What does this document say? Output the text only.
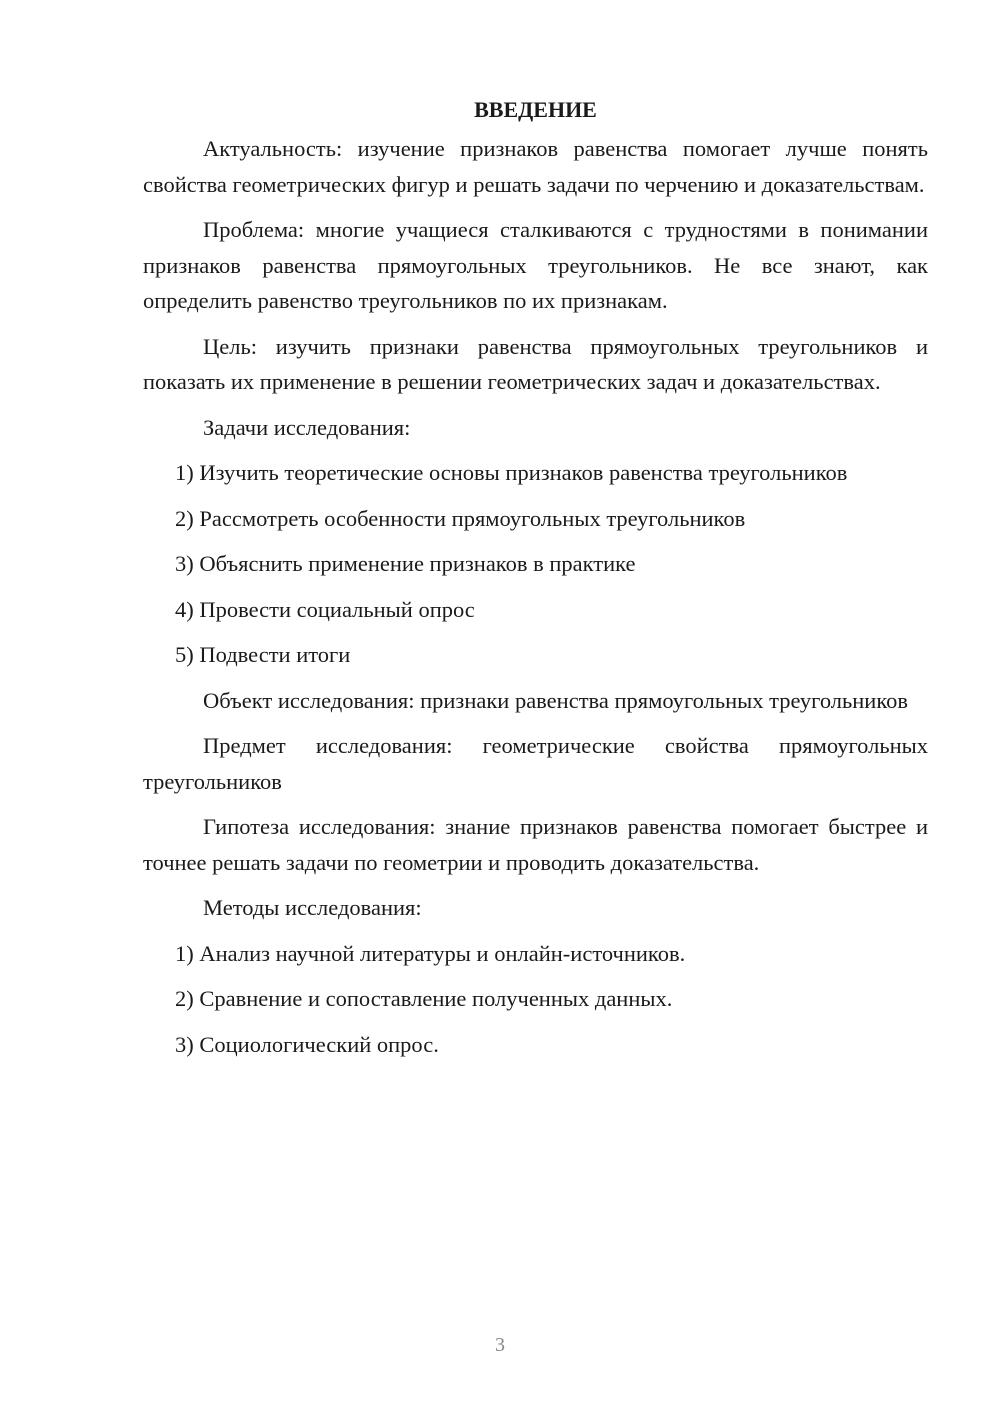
ВВЕДЕНИЕ

Актуальность: изучение признаков равенства помогает лучше понять свойства геометрических фигур и решать задачи по черчению и доказательствам.

Проблема: многие учащиеся сталкиваются с трудностями в понимании признаков равенства прямоугольных треугольников. Не все знают, как определить равенство треугольников по их признакам.

Цель: изучить признаки равенства прямоугольных треугольников и показать их применение в решении геометрических задач и доказательствах.

Задачи исследования:

1) Изучить теоретические основы признаков равенства треугольников
2) Рассмотреть особенности прямоугольных треугольников
3) Объяснить применение признаков в практике
4) Провести социальный опрос
5) Подвести итоги

Объект исследования: признаки равенства прямоугольных треугольников

Предмет исследования: геометрические свойства прямоугольных треугольников

Гипотеза исследования: знание признаков равенства помогает быстрее и точнее решать задачи по геометрии и проводить доказательства.

Методы исследования:

1) Анализ научной литературы и онлайн-источников.
2) Сравнение и сопоставление полученных данных.
3) Социологический опрос.
3
